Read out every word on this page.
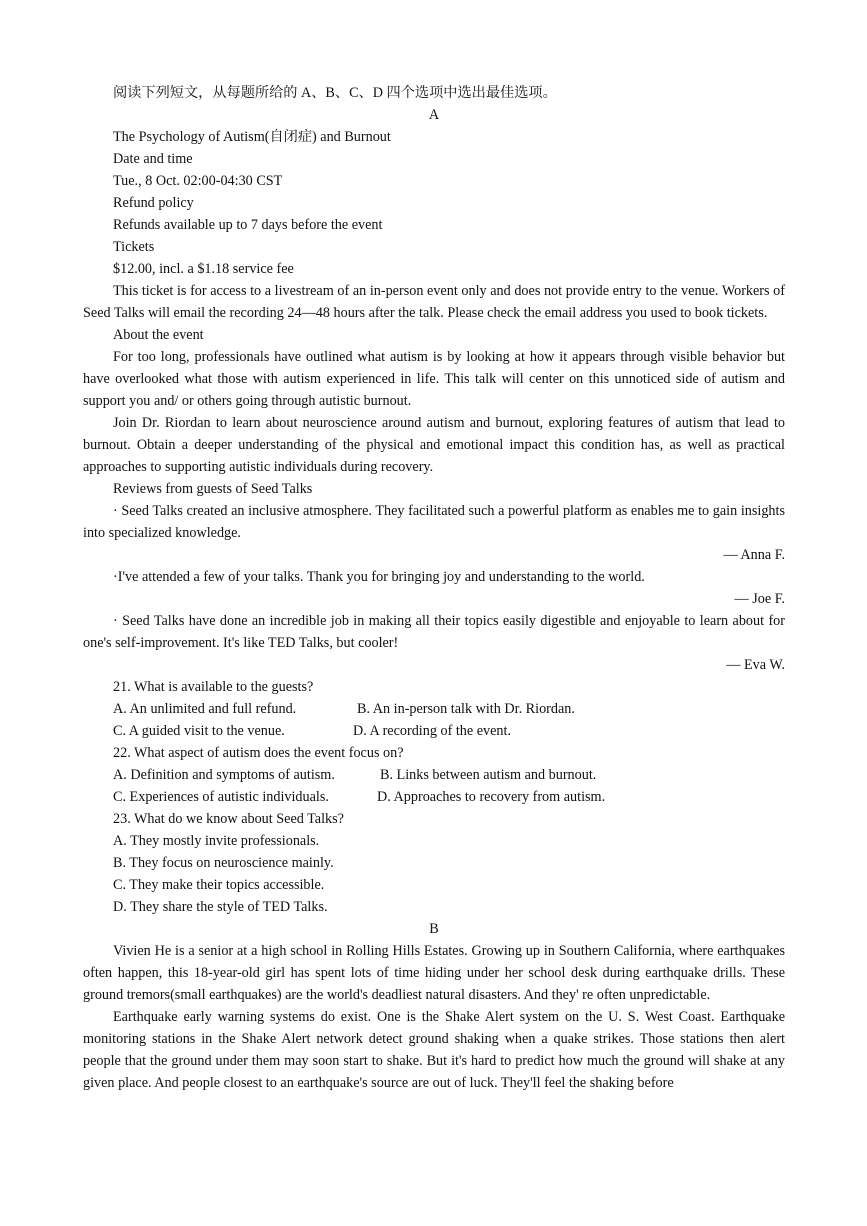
阅读下列短文，从每题所给的 A、B、C、D 四个选项中选出最佳选项。
A
The Psychology of Autism(自闭症) and Burnout
Date and time
Tue., 8 Oct. 02:00-04:30 CST
Refund policy
Refunds available up to 7 days before the event
Tickets
$12.00, incl. a $1.18 service fee
This ticket is for access to a livestream of an in-person event only and does not provide entry to the venue. Workers of Seed Talks will email the recording 24—48 hours after the talk. Please check the email address you used to book tickets.
About the event
For too long, professionals have outlined what autism is by looking at how it appears through visible behavior but have overlooked what those with autism experienced in life. This talk will center on this unnoticed side of autism and support you and/ or others going through autistic burnout.
Join Dr. Riordan to learn about neuroscience around autism and burnout, exploring features of autism that lead to burnout. Obtain a deeper understanding of the physical and emotional impact this condition has, as well as practical approaches to supporting autistic individuals during recovery.
Reviews from guests of Seed Talks
· Seed Talks created an inclusive atmosphere. They facilitated such a powerful platform as enables me to gain insights into specialized knowledge.
— Anna F.
·I've attended a few of your talks. Thank you for bringing joy and understanding to the world.
— Joe F.
· Seed Talks have done an incredible job in making all their topics easily digestible and enjoyable to learn about for one's self-improvement. It's like TED Talks, but cooler!
— Eva W.
21. What is available to the guests?
A. An unlimited and full refund.	B. An in-person talk with Dr. Riordan.
C. A guided visit to the venue.	D. A recording of the event.
22. What aspect of autism does the event focus on?
A. Definition and symptoms of autism.	B. Links between autism and burnout.
C. Experiences of autistic individuals.	D. Approaches to recovery from autism.
23. What do we know about Seed Talks?
A. They mostly invite professionals.
B. They focus on neuroscience mainly.
C. They make their topics accessible.
D. They share the style of TED Talks.
B
Vivien He is a senior at a high school in Rolling Hills Estates. Growing up in Southern California, where earthquakes often happen, this 18-year-old girl has spent lots of time hiding under her school desk during earthquake drills. These ground tremors(small earthquakes) are the world's deadliest natural disasters. And they' re often unpredictable.
Earthquake early warning systems do exist. One is the Shake Alert system on the U. S. West Coast. Earthquake monitoring stations in the Shake Alert network detect ground shaking when a quake strikes. Those stations then alert people that the ground under them may soon start to shake. But it's hard to predict how much the ground will shake at any given place. And people closest to an earthquake's source are out of luck. They'll feel the shaking before
